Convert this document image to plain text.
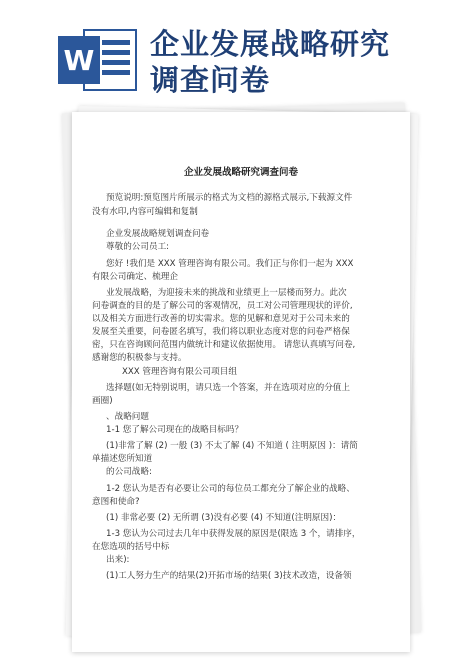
W 企业发展战略研究
调查问卷
企业发展战略研究调查问卷
预览说明:预览图片所展示的格式为文档的源格式展示,下载源文件
没有水印,内容可编辑和复制
企业发展战略规划调查问卷
尊敬的公司员工:
您好 !我们是 XXX 管理咨询有限公司。我们正与你们一起为 XXX
有限公司确定、梳理企
业发展战略，为迎接未来的挑战和业绩更上一层楼而努力。此次
问卷调查的目的是了解公司的客观情况，员工对公司管理现状的评价,
以及相关方面进行改善的切实需求。您的见解和意见对于公司未来的
发展至关重要，问卷匿名填写，我们将以职业态度对您的问卷严格保
密，只在咨询顾问范围内做统计和建议依据使用。 请您认真填写问卷,
感谢您的积极参与支持。
XXX 管理咨询有限公司项目组
选择题(如无特别说明，请只选一个答案，并在选项对应的分值上
画圈)
、战略问题
1-1 您了解公司现在的战略目标吗？
(1)非常了解 (2) 一般 (3) 不太了解 (4) 不知道 ( 注明原因 )：请简
单描述您所知道
的公司战略:
1-2 您认为是否有必要让公司的每位员工都充分了解企业的战略、
意图和使命?
(1) 非常必要 (2) 无所谓 (3)没有必要 (4) 不知道(注明原因)：
1-3 您认为公司过去几年中获得发展的原因是(限选 3 个，请排序，
在您选项的括号中标
出来):
(1)工人努力生产的结果(2)开拓市场的结果( 3)技术改造，设备领
